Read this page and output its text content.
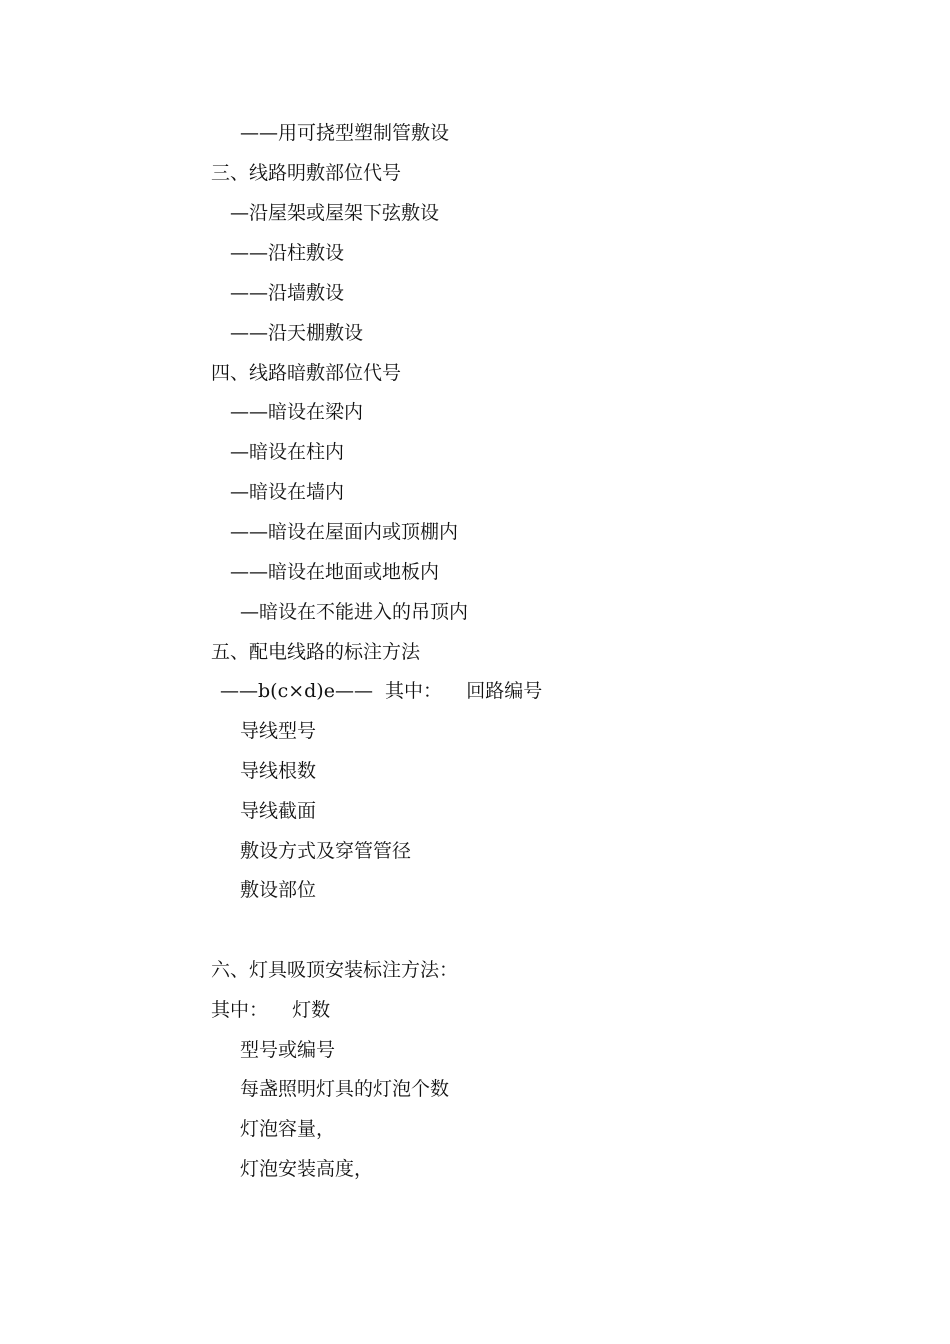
——用可挠型塑制管敷设
三、线路明敷部位代号
—沿屋架或屋架下弦敷设
——沿柱敷设
——沿墙敷设
——沿天棚敷设
四、线路暗敷部位代号
——暗设在梁内
—暗设在柱内
—暗设在墙内
——暗设在屋面内或顶棚内
——暗设在地面或地板内
—暗设在不能进入的吊顶内
五、配电线路的标注方法
——b(c×d)e——  其中：    回路编号
导线型号
导线根数
导线截面
敷设方式及穿管管径
敷设部位
六、灯具吸顶安装标注方法：
其中：    灯数
型号或编号
每盏照明灯具的灯泡个数
灯泡容量，
灯泡安装高度，
